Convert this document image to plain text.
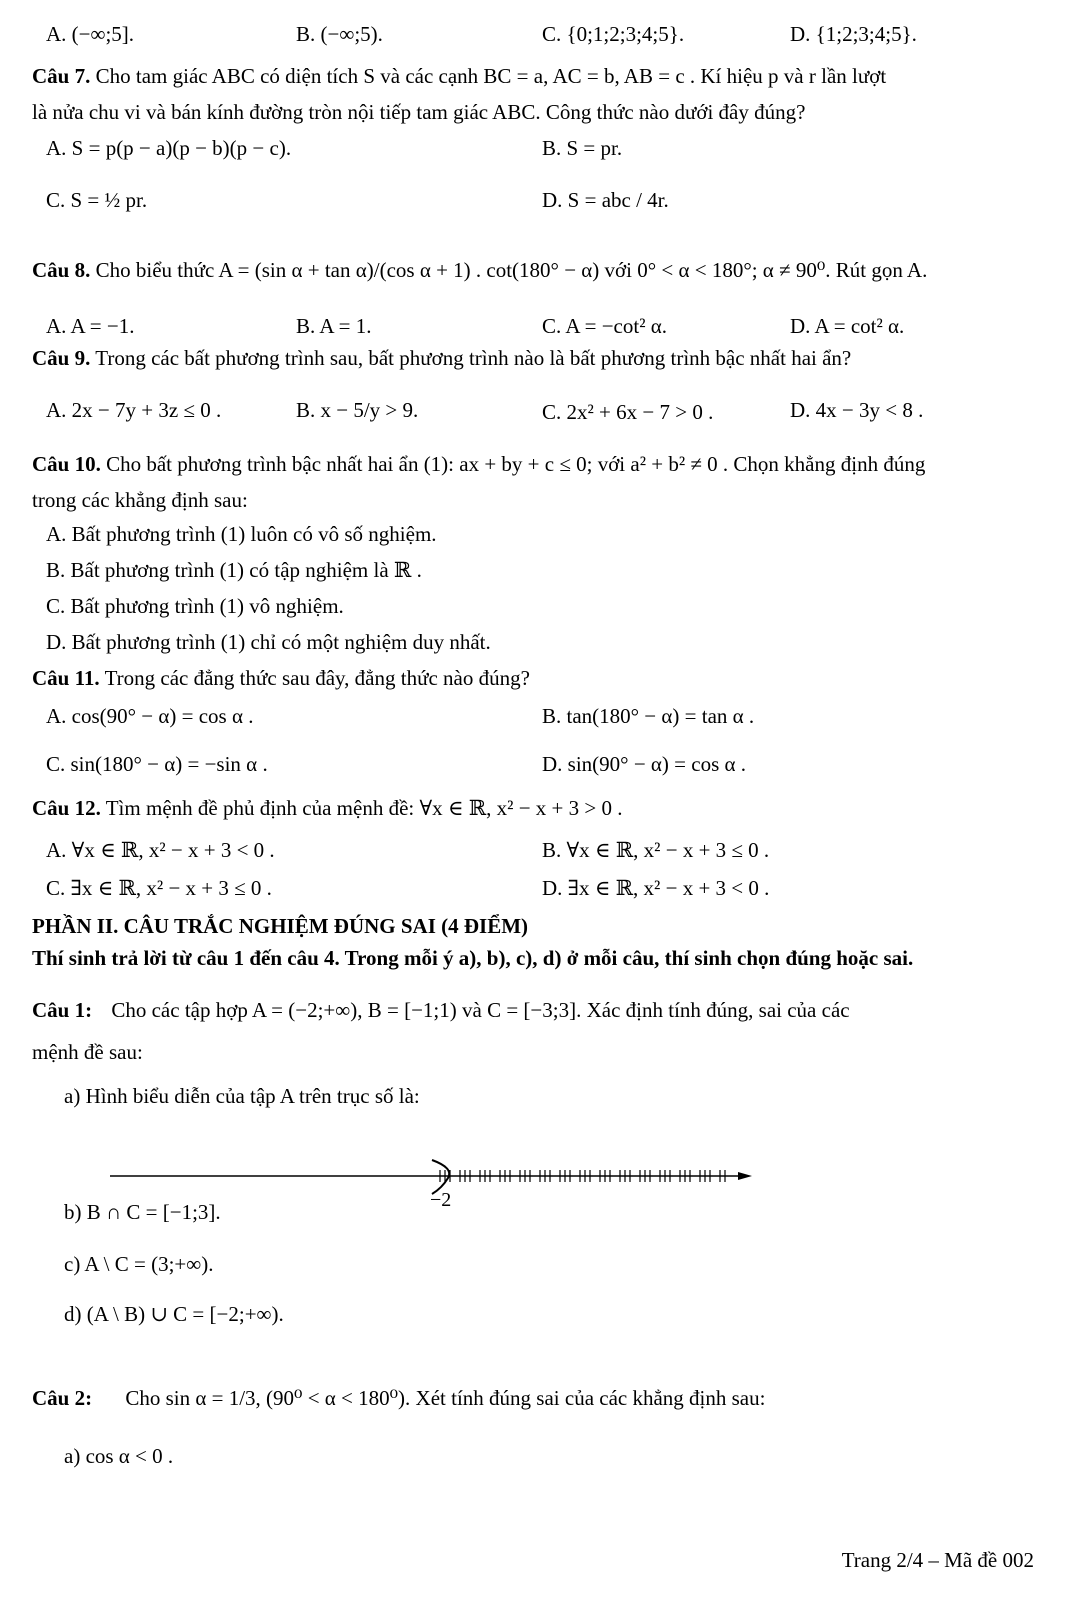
A. (−∞;5].	B. (−∞;5).	C. {0;1;2;3;4;5}.	D. {1;2;3;4;5}.
Câu 7. Cho tam giác ABC có diện tích S và các cạnh BC = a, AC = b, AB = c . Kí hiệu p và r lần lượt
là nửa chu vi và bán kính đường tròn nội tiếp tam giác ABC. Công thức nào dưới đây đúng?
A. S = p(p − a)(p − b)(p − c).	B. S = pr.
C. S = ½ pr.	D. S = abc / 4r.
Câu 8. Cho biểu thức A = (sin α + tan α)/(cos α + 1) . cot(180° − α) với 0° < α < 180°; α ≠ 90⁰. Rút gọn A.
A. A = −1.	B. A = 1.	C. A = −cot² α.	D. A = cot² α.
Câu 9. Trong các bất phương trình sau, bất phương trình nào là bất phương trình bậc nhất hai ẩn?
A. 2x − 7y + 3z ≤ 0 .	B. x − 5/y > 9.	C. 2x² + 6x − 7 > 0 .	D. 4x − 3y < 8 .
Câu 10. Cho bất phương trình bậc nhất hai ẩn (1): ax + by + c ≤ 0; với a² + b² ≠ 0 . Chọn khẳng định đúng
trong các khẳng định sau:
A. Bất phương trình (1) luôn có vô số nghiệm.
B. Bất phương trình (1) có tập nghiệm là ℝ .
C. Bất phương trình (1) vô nghiệm.
D. Bất phương trình (1) chỉ có một nghiệm duy nhất.
Câu 11. Trong các đẳng thức sau đây, đẳng thức nào đúng?
A. cos(90° − α) = cos α .	B. tan(180° − α) = tan α .
C. sin(180° − α) = −sin α .	D. sin(90° − α) = cos α .
Câu 12. Tìm mệnh đề phủ định của mệnh đề: ∀x ∈ ℝ, x² − x + 3 > 0 .
A. ∀x ∈ ℝ, x² − x + 3 < 0 .	B. ∀x ∈ ℝ, x² − x + 3 ≤ 0 .
C. ∃x ∈ ℝ, x² − x + 3 ≤ 0 .	D. ∃x ∈ ℝ, x² − x + 3 < 0 .
PHẦN II. CÂU TRẮC NGHIỆM ĐÚNG SAI (4 ĐIỂM)
Thí sinh trả lời từ câu 1 đến câu 4. Trong mỗi ý a), b), c), d) ở mỗi câu, thí sinh chọn đúng hoặc sai.
Câu 1: Cho các tập hợp A = (−2;+∞), B = [−1;1) và C = [−3;3]. Xác định tính đúng, sai của các
mệnh đề sau:
a) Hình biểu diễn của tập A trên trục số là:
−2
b) B ∩ C = [−1;3].
c) A \ C = (3;+∞).
d) (A \ B) ∪ C = [−2;+∞).
Câu 2: Cho sin α = 1/3, (90⁰ < α < 180⁰). Xét tính đúng sai của các khẳng định sau:
a) cos α < 0 .
Trang 2/4 – Mã đề 002
